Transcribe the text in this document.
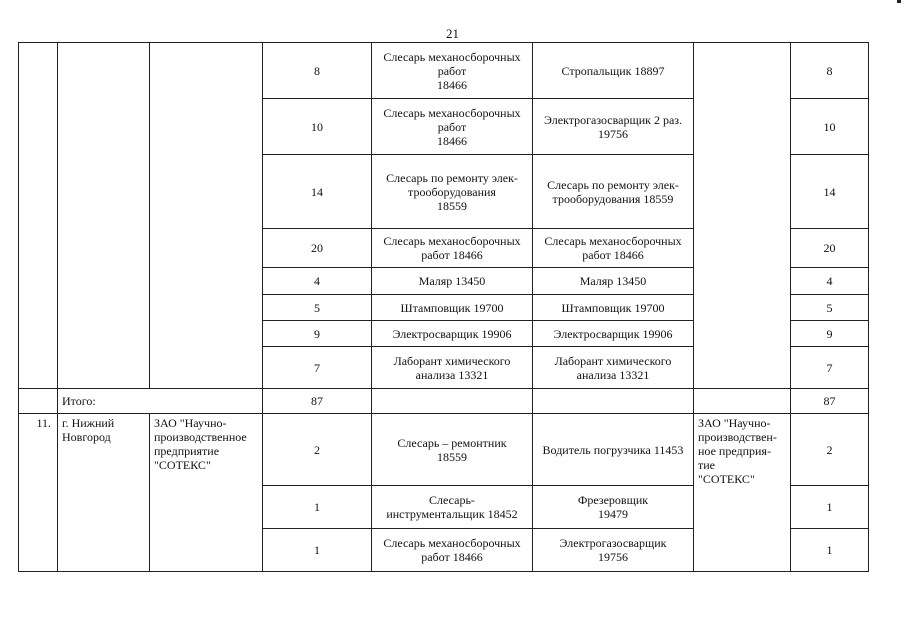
21
			8	Слесарь механосборочных
работ
18466	Стропальщик 18897		8
			10	Слесарь механосборочных
работ
18466	Электрогазосварщик 2 раз.
19756		10
			14	Слесарь по ремонту элек-
трооборудования
18559	Слесарь по ремонту элек-
трооборудования 18559		14
			20	Слесарь механосборочных
работ 18466	Слесарь механосборочных
работ 18466		20
			4	Маляр 13450	Маляр 13450		4
			5	Штамповщик 19700	Штамповщик 19700		5
			9	Электросварщик 19906	Электросварщик 19906		9
			7	Лаборант химического
анализа 13321	Лаборант химического
анализа 13321		7
	Итого:		87				87
11.	г. Нижний
Новгород	ЗАО "Научно-
производственное
предприятие
"СОТЕКС"	2	Слесарь – ремонтник
18559	Водитель погрузчика 11453	ЗАО "Научно-
производствен-
ное предприя-
тие
"СОТЕКС"	2
			1	Слесарь-
инструментальщик 18452	Фрезеровщик
19479		1
			1	Слесарь механосборочных
работ 18466	Электрогазосварщик
19756		1
